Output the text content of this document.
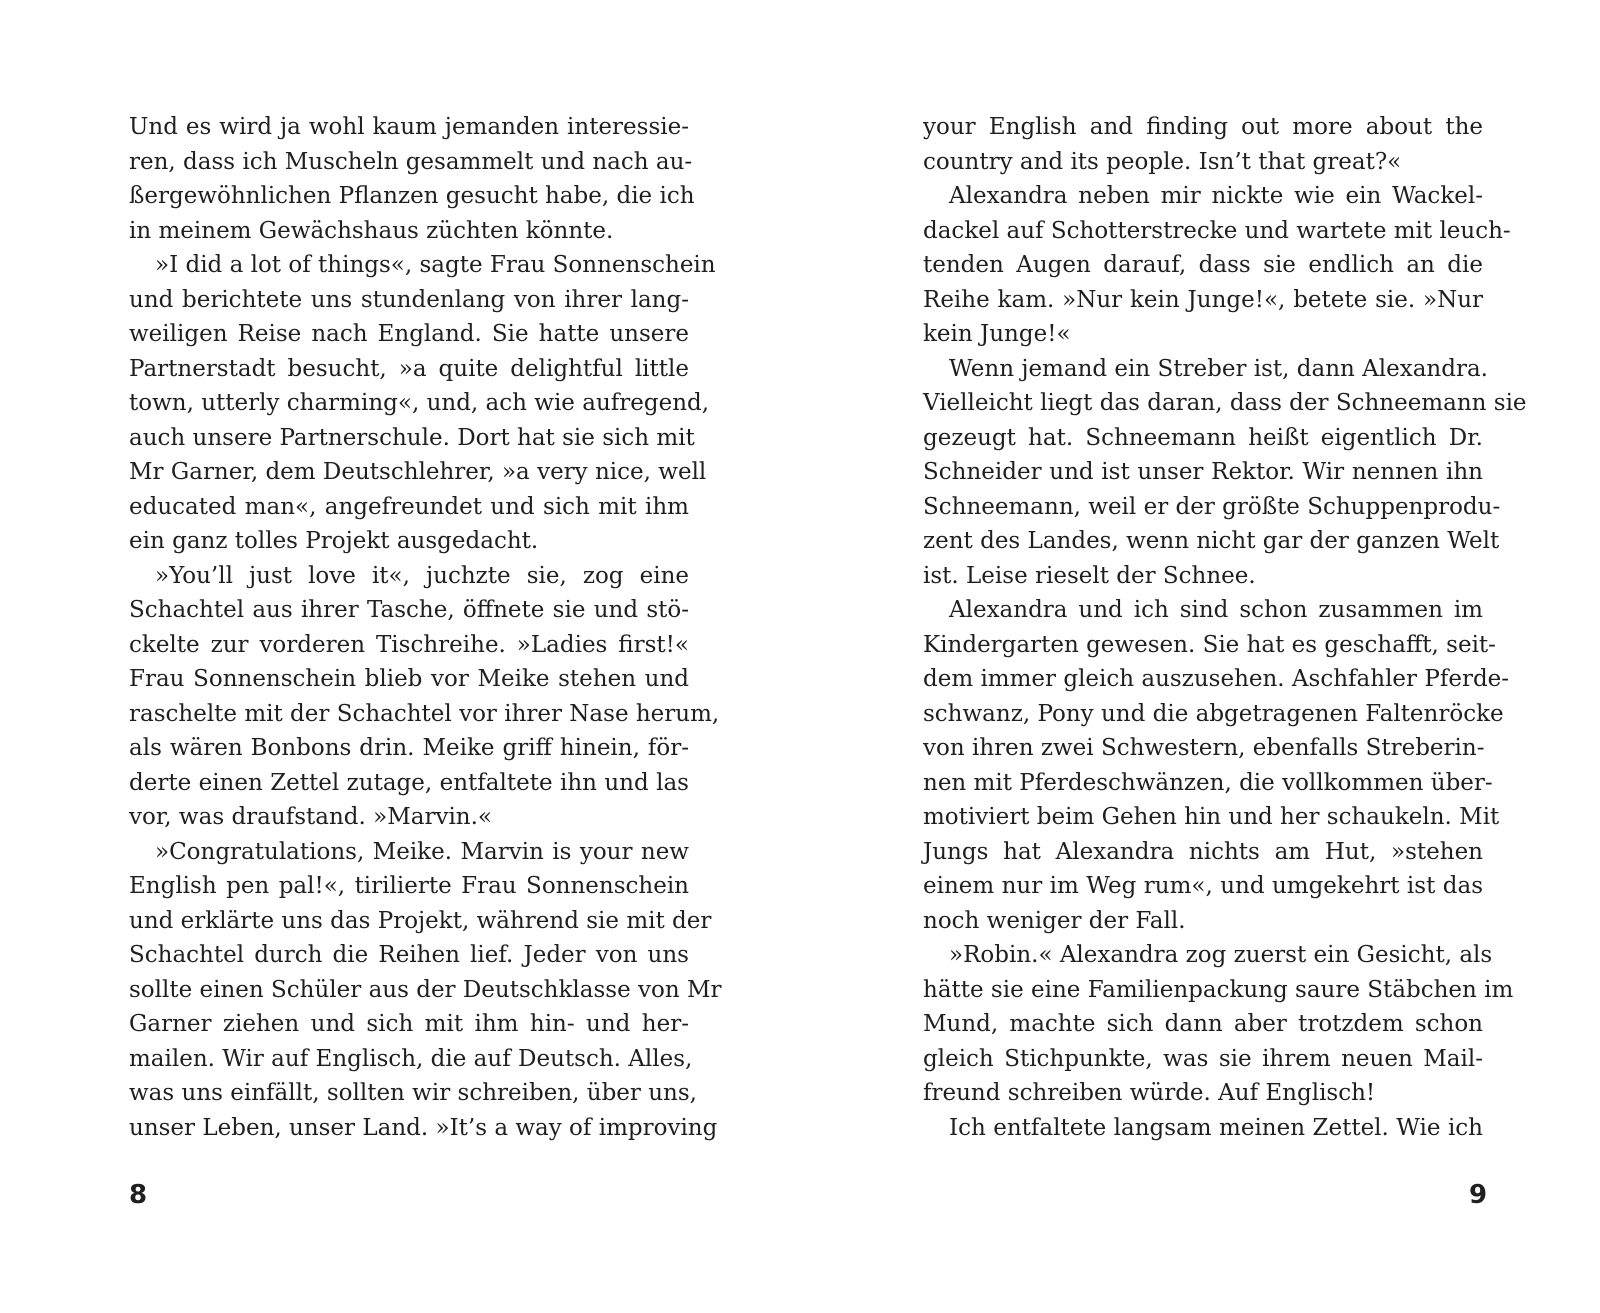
Und es wird ja wohl kaum jemanden interessie-
ren, dass ich Muscheln gesammelt und nach au-
ßergewöhnlichen Pflanzen gesucht habe, die ich
in meinem Gewächshaus züchten könnte.
»I did a lot of things«, sagte Frau Sonnenschein
und berichtete uns stundenlang von ihrer lang-
weiligen Reise nach England. Sie hatte unsere
Partnerstadt besucht, »a quite delightful little
town, utterly charming«, und, ach wie aufregend,
auch unsere Partnerschule. Dort hat sie sich mit
Mr Garner, dem Deutschlehrer, »a very nice, well
educated man«, angefreundet und sich mit ihm
ein ganz tolles Projekt ausgedacht.
»You’ll just love it«, juchzte sie, zog eine
Schachtel aus ihrer Tasche, öffnete sie und stö-
ckelte zur vorderen Tischreihe. »Ladies first!«
Frau Sonnenschein blieb vor Meike stehen und
raschelte mit der Schachtel vor ihrer Nase herum,
als wären Bonbons drin. Meike griff hinein, för-
derte einen Zettel zutage, entfaltete ihn und las
vor, was draufstand. »Marvin.«
»Congratulations, Meike. Marvin is your new
English pen pal!«, tirilierte Frau Sonnenschein
und erklärte uns das Projekt, während sie mit der
Schachtel durch die Reihen lief. Jeder von uns
sollte einen Schüler aus der Deutschklasse von Mr
Garner ziehen und sich mit ihm hin- und her-
mailen. Wir auf Englisch, die auf Deutsch. Alles,
was uns einfällt, sollten wir schreiben, über uns,
unser Leben, unser Land. »It’s a way of improving
8
your English and finding out more about the
country and its people. Isn’t that great?«
Alexandra neben mir nickte wie ein Wackel-
dackel auf Schotterstrecke und wartete mit leuch-
tenden Augen darauf, dass sie endlich an die
Reihe kam. »Nur kein Junge!«, betete sie. »Nur
kein Junge!«
Wenn jemand ein Streber ist, dann Alexandra.
Vielleicht liegt das daran, dass der Schneemann sie
gezeugt hat. Schneemann heißt eigentlich Dr.
Schneider und ist unser Rektor. Wir nennen ihn
Schneemann, weil er der größte Schuppenprodu-
zent des Landes, wenn nicht gar der ganzen Welt
ist. Leise rieselt der Schnee.
Alexandra und ich sind schon zusammen im
Kindergarten gewesen. Sie hat es geschafft, seit-
dem immer gleich auszusehen. Aschfahler Pferde-
schwanz, Pony und die abgetragenen Faltenröcke
von ihren zwei Schwestern, ebenfalls Streberin-
nen mit Pferdeschwänzen, die vollkommen über-
motiviert beim Gehen hin und her schaukeln. Mit
Jungs hat Alexandra nichts am Hut, »stehen
einem nur im Weg rum«, und umgekehrt ist das
noch weniger der Fall.
»Robin.« Alexandra zog zuerst ein Gesicht, als
hätte sie eine Familienpackung saure Stäbchen im
Mund, machte sich dann aber trotzdem schon
gleich Stichpunkte, was sie ihrem neuen Mail-
freund schreiben würde. Auf Englisch!
Ich entfaltete langsam meinen Zettel. Wie ich
9
